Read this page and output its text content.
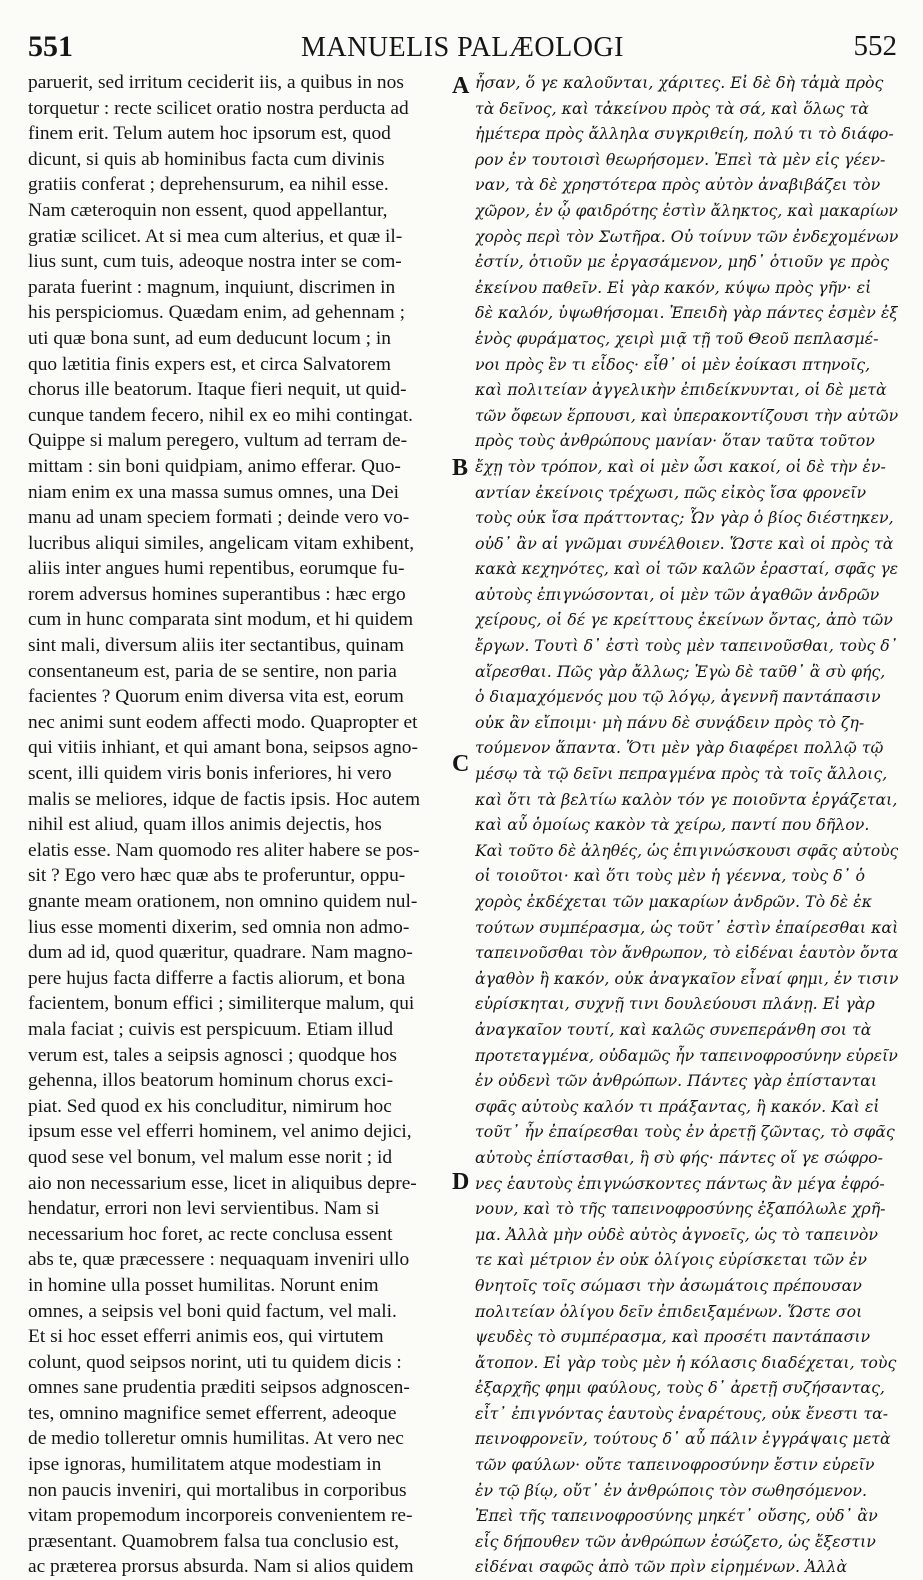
551	MANUELIS PALÆOLOGI	552
paruerit, sed irritum ceciderit iis, a quibus in nos
torquetur : recte scilicet oratio nostra perducta ad
finem erit. Telum autem hoc ipsorum est, quod
dicunt, si quis ab hominibus facta cum divinis
gratiis conferat ; deprehensurum, ea nihil esse.
Nam cæteroquin non essent, quod appellantur,
gratiæ scilicet. At si mea cum alterius, et quæ il-
lius sunt, cum tuis, adeoque nostra inter se com-
parata fuerint : magnum, inquiunt, discrimen in
his perspiciomus. Quædam enim, ad gehennam ;
uti quæ bona sunt, ad eum deducunt locum ; in
quo lætitia finis expers est, et circa Salvatorem
chorus ille beatorum. Itaque fieri nequit, ut quid-
cunque tandem fecero, nihil ex eo mihi contingat.
Quippe si malum peregero, vultum ad terram de-
mittam : sin boni quidpiam, animo efferar. Quo-
niam enim ex una massa sumus omnes, una Dei
manu ad unam speciem formati ; deinde vero vo-
lucribus aliqui similes, angelicam vitam exhibent,
aliis inter angues humi repentibus, eorumque fu-
rorem adversus homines superantibus : hæc ergo
cum in hunc comparata sint modum, et hi quidem
sint mali, diversum aliis iter sectantibus, quinam
consentaneum est, paria de se sentire, non paria
facientes ? Quorum enim diversa vita est, eorum
nec animi sunt eodem affecti modo. Quapropter et
qui vitiis inhiant, et qui amant bona, seipsos agno-
scent, illi quidem viris bonis inferiores, hi vero
malis se meliores, idque de factis ipsis. Hoc autem
nihil est aliud, quam illos animis dejectis, hos
elatis esse. Nam quomodo res aliter habere se pos-
sit ? Ego vero hæc quæ abs te proferuntur, oppu-
gnante meam orationem, non omnino quidem nul-
lius esse momenti dixerim, sed omnia non admo-
dum ad id, quod quæritur, quadrare. Nam magno-
pere hujus facta differre a factis aliorum, et bona
facientem, bonum effici ; similiterque malum, qui
mala faciat ; cuivis est perspicuum. Etiam illud
verum est, tales a seipsis agnosci ; quodque hos
gehenna, illos beatorum hominum chorus exci-
piat. Sed quod ex his concluditur, nimirum hoc
ipsum esse vel efferri hominem, vel animo dejici,
quod sese vel bonum, vel malum esse norit ; id
aio non necessarium esse, licet in aliquibus depre-
hendatur, errori non levi servientibus. Nam si
necessarium hoc foret, ac recte conclusa essent
abs te, quæ præcessere : nequaquam inveniri ullo
in homine ulla posset humilitas. Norunt enim
omnes, a seipsis vel boni quid factum, vel mali.
Et si hoc esset efferri animis eos, qui virtutem
colunt, quod seipsos norint, uti tu quidem dicis :
omnes sane prudentia præditi seipsos adgnoscen-
tes, omnino magnifice semet efferrent, adeoque
de medio tolleretur omnis humilitas. At vero nec
ipse ignoras, humilitatem atque modestiam in
non paucis inveniri, qui mortalibus in corporibus
vitam propemodum incorporeis convenientem re-
præsentant. Quamobrem falsa tua conclusio est,
ac præterea prorsus absurda. Nam si alios quidem
ἦσαν, ὅ γε καλοῦνται, χάριτες. Εἰ δὲ δὴ τἀμὰ πρὸς
τὰ δεῖνος, καὶ τἀκείνου πρὸς τὰ σά, καὶ ὅλως τὰ
ἡμέτερα πρὸς ἄλληλα συγκριθείη, πολύ τι τὸ διάφο-
ρον ἐν τουτοισὶ θεωρήσομεν. Ἐπεὶ τὰ μὲν εἰς γέεν-
ναν, τὰ δὲ χρηστότερα πρὸς αὐτὸν ἀναβιβάζει τὸν
χῶρον, ἐν ᾧ φαιδρότης ἐστὶν ἄληκτος, καὶ μακαρίων
χορὸς περὶ τὸν Σωτῆρα. Οὐ τοίνυν τῶν ἐνδεχομένων
ἐστίν, ὁτιοῦν με ἐργασάμενον, μηδ᾽ ὁτιοῦν γε πρὸς
ἐκείνου παθεῖν. Εἰ γὰρ κακόν, κύψω πρὸς γῆν· εἰ
δὲ καλόν, ὑψωθήσομαι. Ἐπειδὴ γὰρ πάντες ἐσμὲν ἐξ
ἑνὸς φυράματος, χειρὶ μιᾷ τῇ τοῦ Θεοῦ πεπλασμέ-
νοι πρὸς ἓν τι εἶδος· εἶθ᾽ οἱ μὲν ἐοίκασι πτηνοῖς,
καὶ πολιτείαν ἀγγελικὴν ἐπιδείκνυνται, οἱ δὲ μετὰ
τῶν ὄφεων ἕρπουσι, καὶ ὑπερακοντίζουσι τὴν αὐτῶν
πρὸς τοὺς ἀνθρώπους μανίαν· ὅταν ταῦτα τοῦτον
ἔχῃ τὸν τρόπον, καὶ οἱ μὲν ὦσι κακοί, οἱ δὲ τὴν ἐν-
αντίαν ἐκείνοις τρέχωσι, πῶς εἰκὸς ἴσα φρονεῖν
τοὺς οὐκ ἴσα πράττοντας; Ὧν γὰρ ὁ βίος διέστηκεν,
οὐδ᾽ ἂν αἱ γνῶμαι συνέλθοιεν. Ὥστε καὶ οἱ πρὸς τὰ
κακὰ κεχηνότες, καὶ οἱ τῶν καλῶν ἐρασταί, σφᾶς γε
αὐτοὺς ἐπιγνώσονται, οἱ μὲν τῶν ἀγαθῶν ἀνδρῶν
χείρους, οἱ δέ γε κρείττους ἐκείνων ὄντας, ἀπὸ τῶν
ἔργων. Τουτὶ δ᾽ ἐστὶ τοὺς μὲν ταπεινοῦσθαι, τοὺς δ᾽
αἴρεσθαι. Πῶς γὰρ ἄλλως; Ἐγὼ δὲ ταῦθ᾽ ἃ σὺ φής,
ὁ διαμαχόμενός μου τῷ λόγῳ, ἀγεννῆ παντάπασιν
οὐκ ἂν εἴποιμι· μὴ πάνυ δὲ συνᾴδειν πρὸς τὸ ζη-
τούμενον ἅπαντα. Ὅτι μὲν γὰρ διαφέρει πολλῷ τῷ
μέσῳ τὰ τῷ δεῖνι πεπραγμένα πρὸς τὰ τοῖς ἄλλοις,
καὶ ὅτι τὰ βελτίω καλὸν τόν γε ποιοῦντα ἐργάζεται,
καὶ αὖ ὁμοίως κακὸν τὰ χείρω, παντί που δῆλον.
Καὶ τοῦτο δὲ ἀληθές, ὡς ἐπιγινώσκουσι σφᾶς αὐτοὺς
οἱ τοιοῦτοι· καὶ ὅτι τοὺς μὲν ἡ γέεννα, τοὺς δ᾽ ὁ
χορὸς ἐκδέχεται τῶν μακαρίων ἀνδρῶν. Τὸ δὲ ἐκ
τούτων συμπέρασμα, ὡς τοῦτ᾽ ἐστὶν ἐπαίρεσθαι καὶ
ταπεινοῦσθαι τὸν ἄνθρωπον, τὸ εἰδέναι ἑαυτὸν ὄντα
ἀγαθὸν ἢ κακόν, οὐκ ἀναγκαῖον εἶναί φημι, ἐν τισιν
εὑρίσκηται, συχνῇ τινι δουλεύουσι πλάνῃ. Εἰ γὰρ
ἀναγκαῖον τουτί, καὶ καλῶς συνεπεράνθη σοι τὰ
προτεταγμένα, οὐδαμῶς ἦν ταπεινοφροσύνην εὑρεῖν
ἐν οὐδενὶ τῶν ἀνθρώπων. Πάντες γὰρ ἐπίστανται
σφᾶς αὐτοὺς καλόν τι πράξαντας, ἢ κακόν. Καὶ εἰ
τοῦτ᾽ ἦν ἐπαίρεσθαι τοὺς ἐν ἀρετῇ ζῶντας, τὸ σφᾶς
αὐτοὺς ἐπίστασθαι, ἣ σὺ φής· πάντες οἵ γε σώφρο-
νες ἑαυτοὺς ἐπιγνώσκοντες πάντως ἂν μέγα ἐφρό-
νουν, καὶ τὸ τῆς ταπεινοφροσύνης ἐξαπόλωλε χρῆ-
μα. Ἀλλὰ μὴν οὐδὲ αὐτὸς ἀγνοεῖς, ὡς τὸ ταπεινὸν
τε καὶ μέτριον ἐν οὐκ ὀλίγοις εὑρίσκεται τῶν ἐν
θνητοῖς τοῖς σώμασι τὴν ἀσωμάτοις πρέπουσαν
πολιτείαν ὀλίγου δεῖν ἐπιδειξαμένων. Ὥστε σοι
ψευδὲς τὸ συμπέρασμα, καὶ προσέτι παντάπασιν
ἄτοπον. Εἰ γὰρ τοὺς μὲν ἡ κόλασις διαδέχεται, τοὺς
ἐξαρχῆς φημι φαύλους, τοὺς δ᾽ ἀρετῇ συζήσαντας,
εἶτ᾽ ἐπιγνόντας ἑαυτοὺς ἐναρέτους, οὐκ ἔνεστι τα-
πεινοφρονεῖν, τούτους δ᾽ αὖ πάλιν ἐγγράψαις μετὰ
τῶν φαύλων· οὔτε ταπεινοφροσύνην ἔστιν εὑρεῖν
ἐν τῷ βίῳ, οὔτ᾽ ἐν ἀνθρώποις τὸν σωθησόμενον.
Ἐπεὶ τῆς ταπεινοφροσύνης μηκέτ᾽ οὔσης, οὐδ᾽ ἂν
εἷς δήπουθεν τῶν ἀνθρώπων ἐσώζετο, ὡς ἔξεστιν
εἰδέναι σαφῶς ἀπὸ τῶν πρὶν εἰρημένων. Ἀλλὰ
A
B
C
D
